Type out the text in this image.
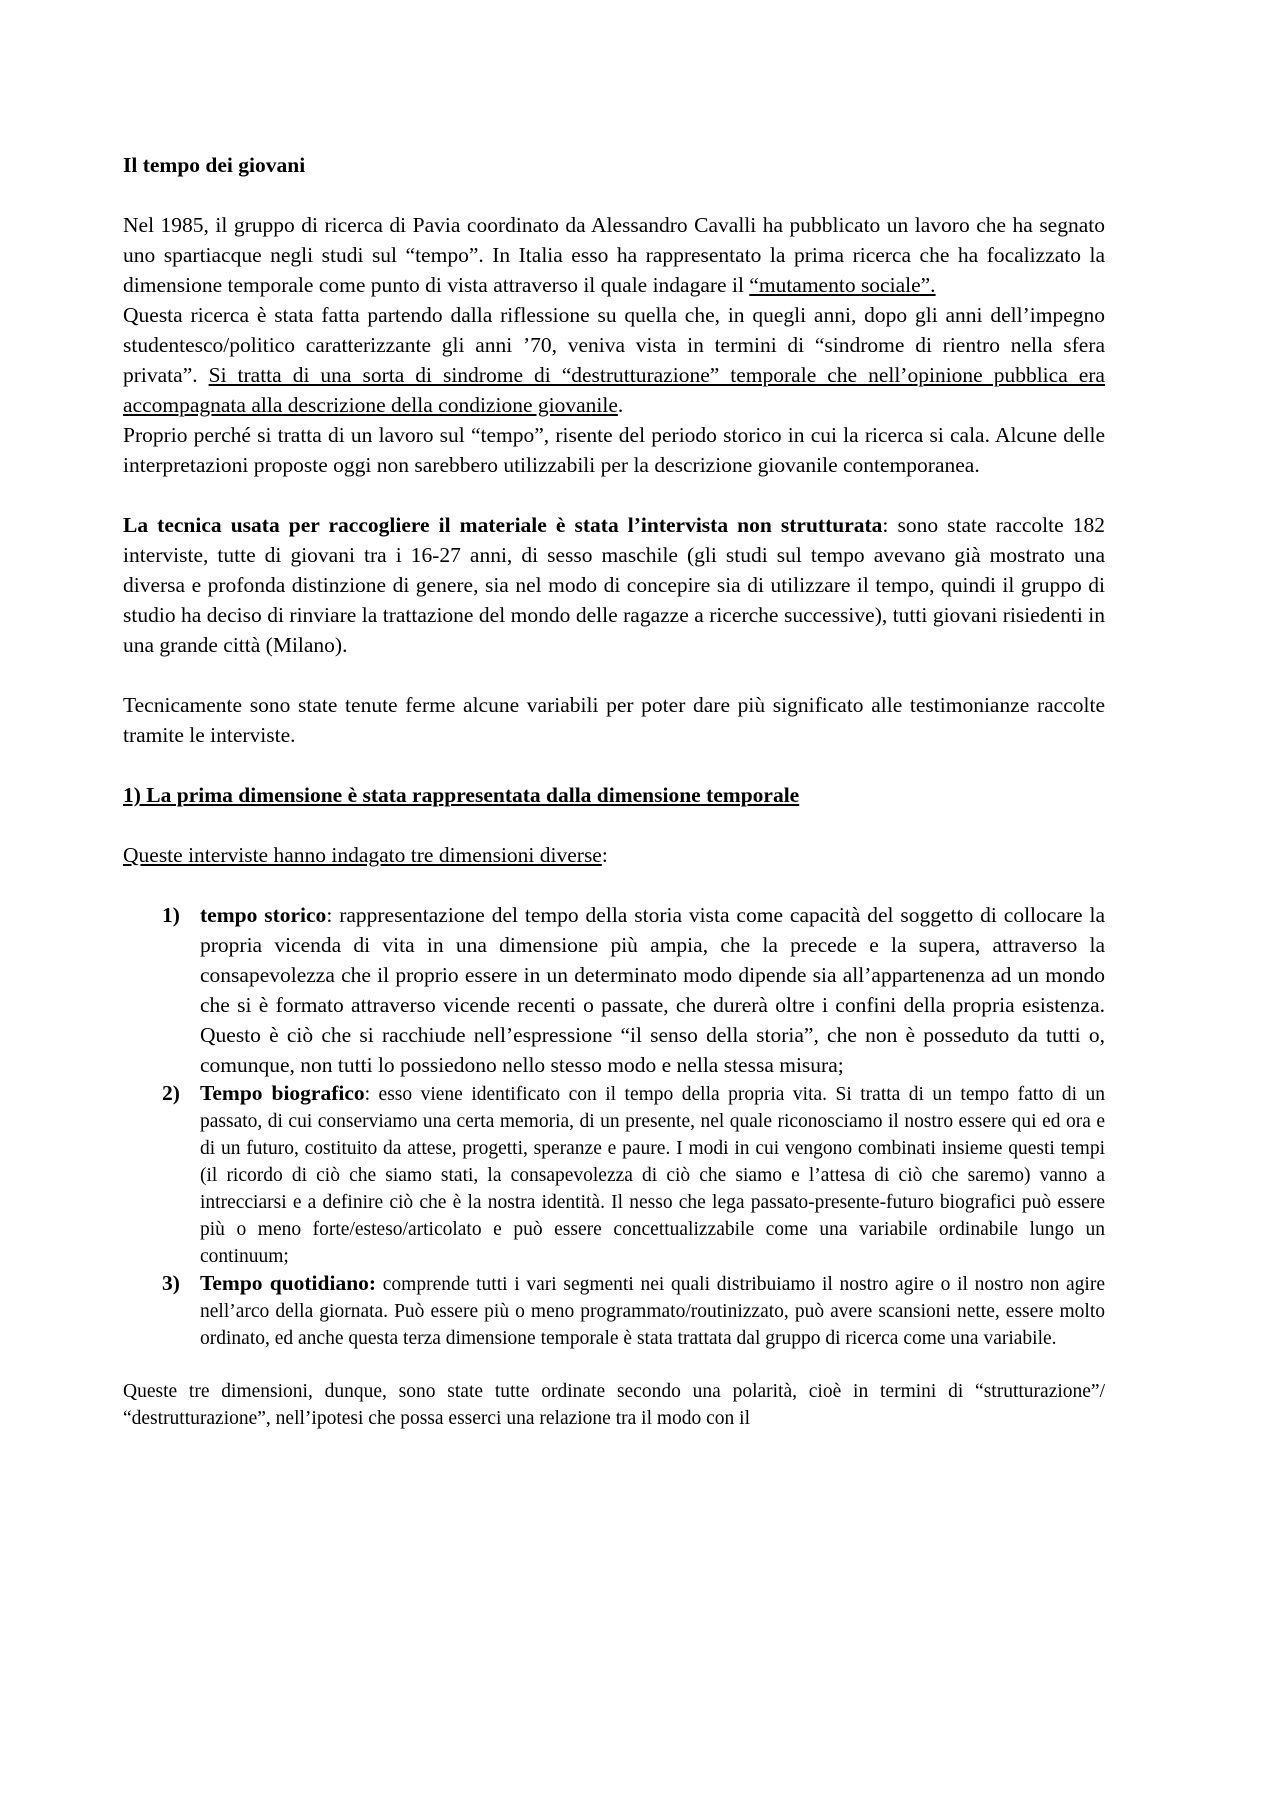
Il tempo dei giovani

Nel 1985, il gruppo di ricerca di Pavia coordinato da Alessandro Cavalli ha pubblicato un lavoro che ha segnato uno spartiacque negli studi sul “tempo”. In Italia esso ha rappresentato la prima ricerca che ha focalizzato la dimensione temporale come punto di vista attraverso il quale indagare il “mutamento sociale”.

Questa ricerca è stata fatta partendo dalla riflessione su quella che, in quegli anni, dopo gli anni dell’impegno studentesco/politico caratterizzante gli anni ’70, veniva vista in termini di “sindrome di rientro nella sfera privata”. Si tratta di una sorta di sindrome di “destrutturazione” temporale che nell’opinione pubblica era accompagnata alla descrizione della condizione giovanile.

Proprio perché si tratta di un lavoro sul “tempo”, risente del periodo storico in cui la ricerca si cala. Alcune delle interpretazioni proposte oggi non sarebbero utilizzabili per la descrizione giovanile contemporanea.

La tecnica usata per raccogliere il materiale è stata l’intervista non strutturata: sono state raccolte 182 interviste, tutte di giovani tra i 16-27 anni, di sesso maschile (gli studi sul tempo avevano già mostrato una diversa e profonda distinzione di genere, sia nel modo di concepire sia di utilizzare il tempo, quindi il gruppo di studio ha deciso di rinviare la trattazione del mondo delle ragazze a ricerche successive), tutti giovani risiedenti in una grande città (Milano).

Tecnicamente sono state tenute ferme alcune variabili per poter dare più significato alle testimonianze raccolte tramite le interviste.

1) La prima dimensione è stata rappresentata dalla dimensione temporale

Queste interviste hanno indagato tre dimensioni diverse:

1) tempo storico: rappresentazione del tempo della storia vista come capacità del soggetto di collocare la propria vicenda di vita in una dimensione più ampia, che la precede e la supera, attraverso la consapevolezza che il proprio essere in un determinato modo dipende sia all’appartenenza ad un mondo che si è formato attraverso vicende recenti o passate, che durerà oltre i confini della propria esistenza. Questo è ciò che si racchiude nell’espressione “il senso della storia”, che non è posseduto da tutti o, comunque, non tutti lo possiedono nello stesso modo e nella stessa misura;
2) Tempo biografico: esso viene identificato con il tempo della propria vita. Si tratta di un tempo fatto di un passato, di cui conserviamo una certa memoria, di un presente, nel quale riconosciamo il nostro essere qui ed ora e di un futuro, costituito da attese, progetti, speranze e paure. I modi in cui vengono combinati insieme questi tempi (il ricordo di ciò che siamo stati, la consapevolezza di ciò che siamo e l’attesa di ciò che saremo) vanno a intrecciarsi e a definire ciò che è la nostra identità. Il nesso che lega passato-presente-futuro biografici può essere più o meno forte/esteso/articolato e può essere concettualizzabile come una variabile ordinabile lungo un continuum;
3) Tempo quotidiano: comprende tutti i vari segmenti nei quali distribuiamo il nostro agire o il nostro non agire nell’arco della giornata. Può essere più o meno programmato/routinizzato, può avere scansioni nette, essere molto ordinato, ed anche questa terza dimensione temporale è stata trattata dal gruppo di ricerca come una variabile.

Queste tre dimensioni, dunque, sono state tutte ordinate secondo una polarità, cioè in termini di “strutturazione”/ “destrutturazione”, nell’ipotesi che possa esserci una relazione tra il modo con il
